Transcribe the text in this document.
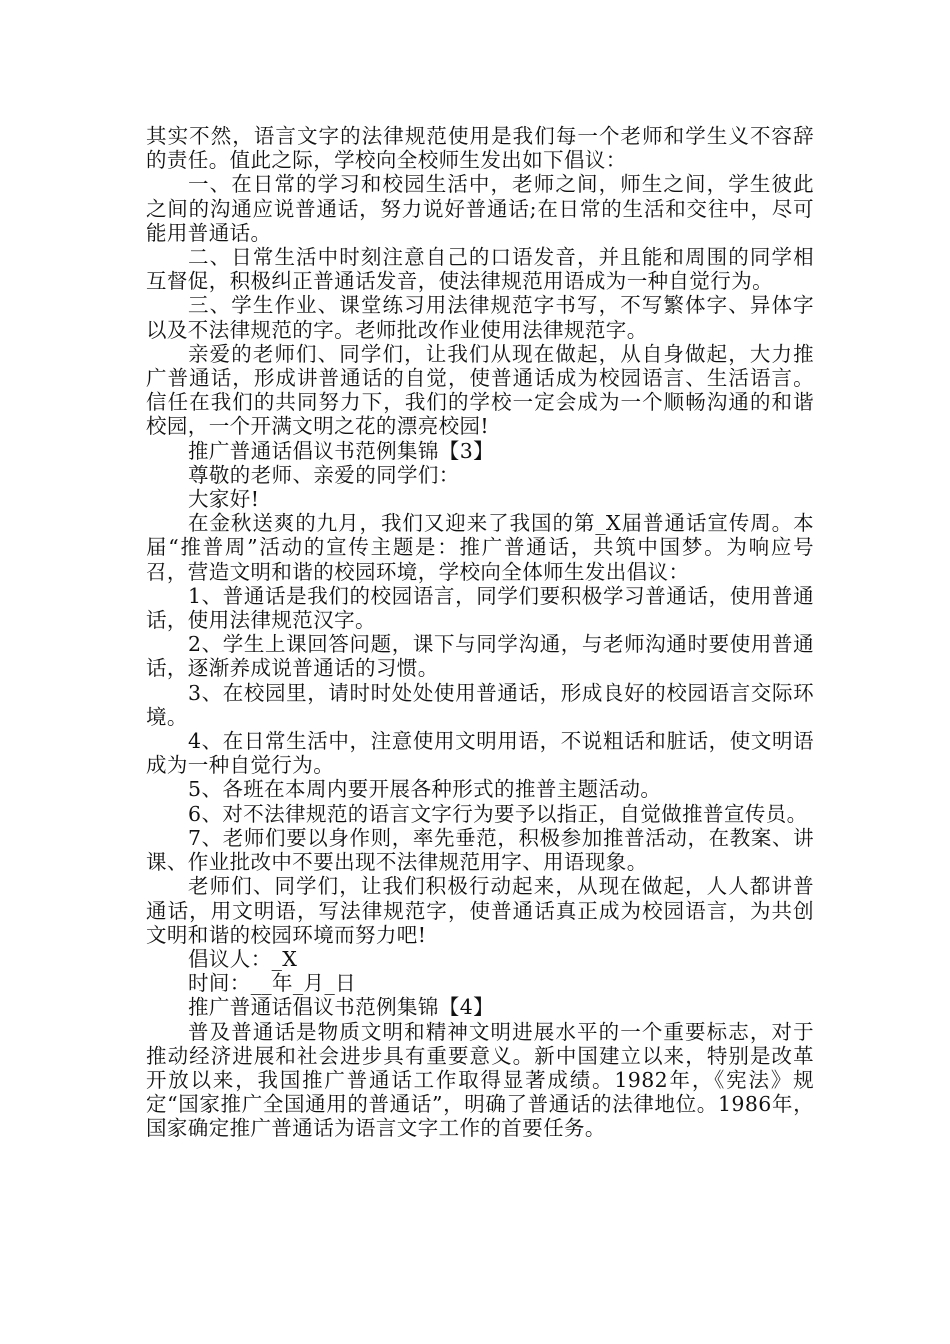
其实不然，语言文字的法律规范使用是我们每一个老师和学生义不容辞的责任。值此之际，学校向全校师生发出如下倡议：

一、在日常的学习和校园生活中，老师之间，师生之间，学生彼此之间的沟通应说普通话，努力说好普通话;在日常的生活和交往中，尽可能用普通话。

二、日常生活中时刻注意自己的口语发音，并且能和周围的同学相互督促，积极纠正普通话发音，使法律规范用语成为一种自觉行为。

三、学生作业、课堂练习用法律规范字书写，不写繁体字、异体字以及不法律规范的字。老师批改作业使用法律规范字。

亲爱的老师们、同学们，让我们从现在做起，从自身做起，大力推广普通话，形成讲普通话的自觉，使普通话成为校园语言、生活语言。信任在我们的共同努力下，我们的学校一定会成为一个顺畅沟通的和谐校园，一个开满文明之花的漂亮校园!

推广普通话倡议书范例集锦【3】

尊敬的老师、亲爱的同学们：

大家好!

在金秋送爽的九月，我们又迎来了我国的第_X届普通话宣传周。本届“推普周”活动的宣传主题是：推广普通话，共筑中国梦。为响应号召，营造文明和谐的校园环境，学校向全体师生发出倡议：

1、普通话是我们的校园语言，同学们要积极学习普通话，使用普通话，使用法律规范汉字。

2、学生上课回答问题，课下与同学沟通，与老师沟通时要使用普通话，逐渐养成说普通话的习惯。

3、在校园里，请时时处处使用普通话，形成良好的校园语言交际环境。

4、在日常生活中，注意使用文明用语，不说粗话和脏话，使文明语成为一种自觉行为。

5、各班在本周内要开展各种形式的推普主题活动。

6、对不法律规范的语言文字行为要予以指正，自觉做推普宣传员。

7、老师们要以身作则，率先垂范，积极参加推普活动，在教案、讲课、作业批改中不要出现不法律规范用字、用语现象。

老师们、同学们，让我们积极行动起来，从现在做起，人人都讲普通话，用文明语，写法律规范字，使普通话真正成为校园语言，为共创文明和谐的校园环境而努力吧!

倡议人：_X

时间：__年_月_日

推广普通话倡议书范例集锦【4】

普及普通话是物质文明和精神文明进展水平的一个重要标志，对于推动经济进展和社会进步具有重要意义。新中国建立以来，特别是改革开放以来，我国推广普通话工作取得显著成绩。1982年，《宪法》规定“国家推广全国通用的普通话”，明确了普通话的法律地位。1986年，国家确定推广普通话为语言文字工作的首要任务。
